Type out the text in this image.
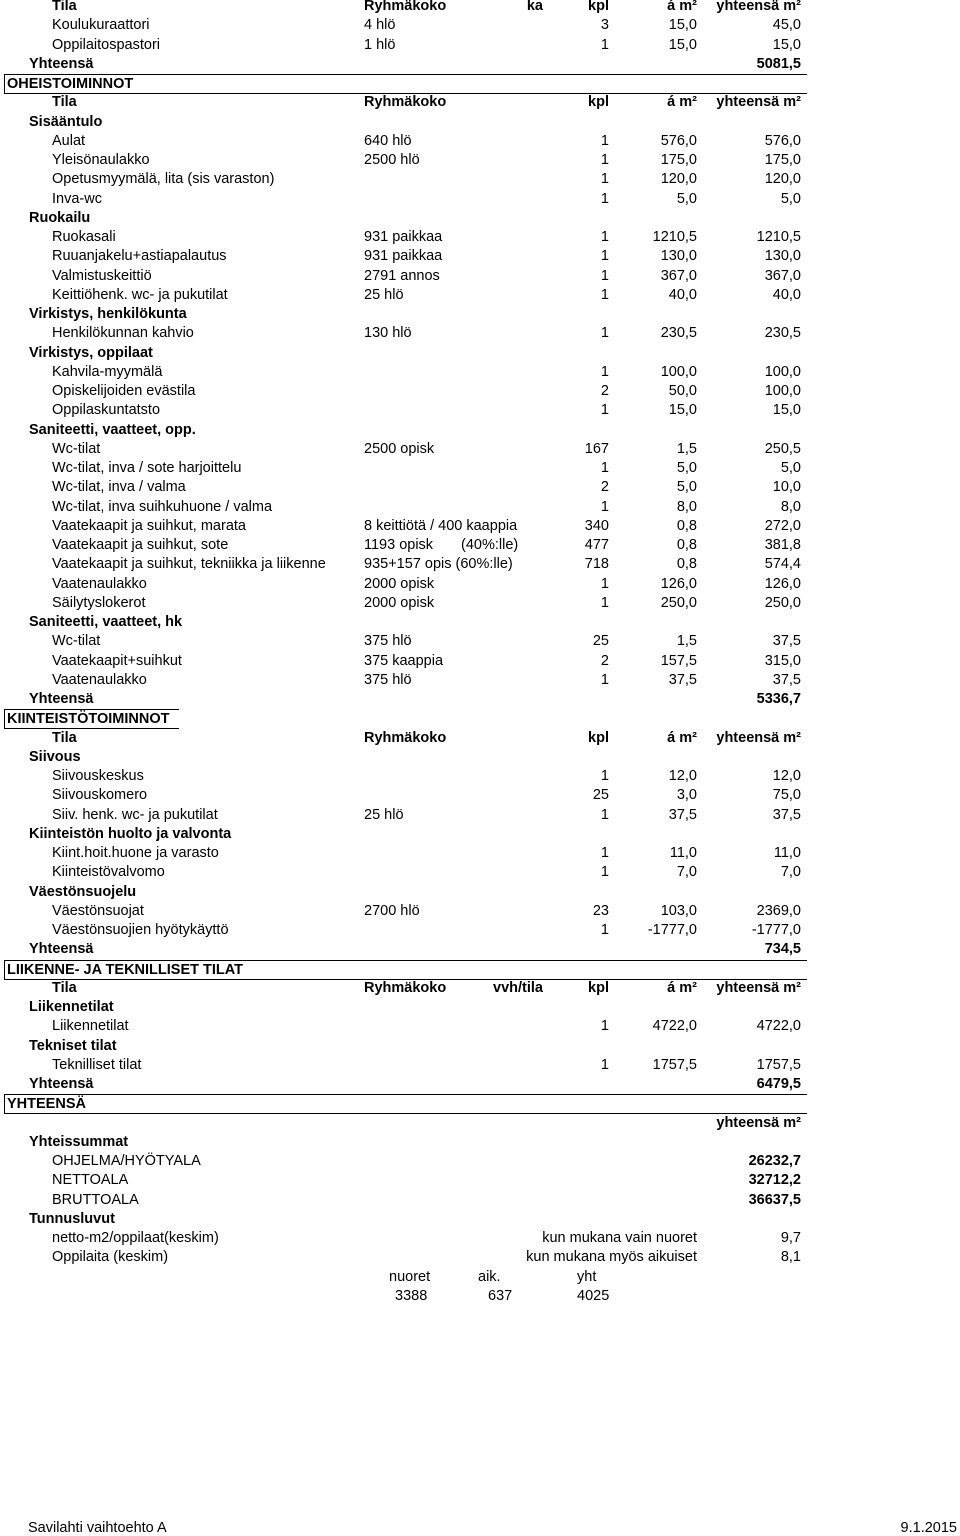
Tila	Ryhmäkoko	ka	kpl	á m² yhteensä m²
Koulukuraattori	4 hlö	3	15,0	45,0
Oppilaitospastori	1 hlö	1	15,0	15,0
Yhteensä	5081,5
OHEISTOIMINNOT
Tila	Ryhmäkoko	kpl	á m² yhteensä m²
Sisääntulo
Aulat	640 hlö	1	576,0	576,0
Yleisönaulakko	2500 hlö	1	175,0	175,0
Opetusmyymälä, lita (sis varaston)	1	120,0	120,0
Inva-wc	1	5,0	5,0
Ruokailu
Ruokasali	931 paikkaa	1	1210,5	1210,5
Ruuanjakelu+astiapalautus	931 paikkaa	1	130,0	130,0
Valmistuskeittiö	2791 annos	1	367,0	367,0
Keittiöhenk. wc- ja pukutilat	25 hlö	1	40,0	40,0
Virkistys, henkilökunta
Henkilökunnan kahvio	130 hlö	1	230,5	230,5
Virkistys, oppilaat
Kahvila-myymälä	1	100,0	100,0
Opiskelijoiden evästila	2	50,0	100,0
Oppilaskuntatsto	1	15,0	15,0
Saniteetti, vaatteet, opp.
Wc-tilat	2500 opisk	167	1,5	250,5
Wc-tilat, inva / sote harjoittelu	1	5,0	5,0
Wc-tilat, inva / valma	2	5,0	10,0
Wc-tilat, inva suihkuhuone / valma	1	8,0	8,0
Vaatekaapit ja suihkut, marata	8 keittiötä / 400 kaappia	340	0,8	272,0
Vaatekaapit ja suihkut, sote	1193 opisk (40%:lle)	477	0,8	381,8
Vaatekaapit ja suihkut, tekniikka ja liikenne	935+157 opis (60%:lle)	718	0,8	574,4
Vaatenaulakko	2000 opisk	1	126,0	126,0
Säilytyslokerot	2000 opisk	1	250,0	250,0
Saniteetti, vaatteet, hk
Wc-tilat	375 hlö	25	1,5	37,5
Vaatekaapit+suihkut	375 kaappia	2	157,5	315,0
Vaatenaulakko	375 hlö	1	37,5	37,5
Yhteensä	5336,7
KIINTEISTÖTOIMINNOT
Tila	Ryhmäkoko	kpl	á m² yhteensä m²
Siivous
Siivouskeskus	1	12,0	12,0
Siivouskomero	25	3,0	75,0
Siiv. henk. wc- ja pukutilat	25 hlö	1	37,5	37,5
Kiinteistön huolto ja valvonta
Kiint.hoit.huone ja varasto	1	11,0	11,0
Kiinteistövalvomo	1	7,0	7,0
Väestönsuojelu
Väestönsuojat	2700 hlö	23	103,0	2369,0
Väestönsuojien hyötykäyttö	1	-1777,0	-1777,0
Yhteensä	734,5
LIIKENNE- JA TEKNILLISET TILAT
Tila	Ryhmäkoko	vvh/tila	kpl	á m² yhteensä m²
Liikennetilat
Liikennetilat	1	4722,0	4722,0
Tekniset tilat
Teknilliset tilat	1	1757,5	1757,5
Yhteensä	6479,5
YHTEENSÄ
yhteensä m²
Yhteissummat
OHJELMA/HYÖTYALA	26232,7
NETTOALA	32712,2
BRUTTOALA	36637,5
Tunnusluvut
netto-m2/oppilaat(keskim)	kun mukana vain nuoret	9,7
Oppilaita (keskim)	kun mukana myös aikuiset	8,1
nuoret	aik.	yht
3388	637	4025
Savilahti vaihtoehto A	9.1.2015
